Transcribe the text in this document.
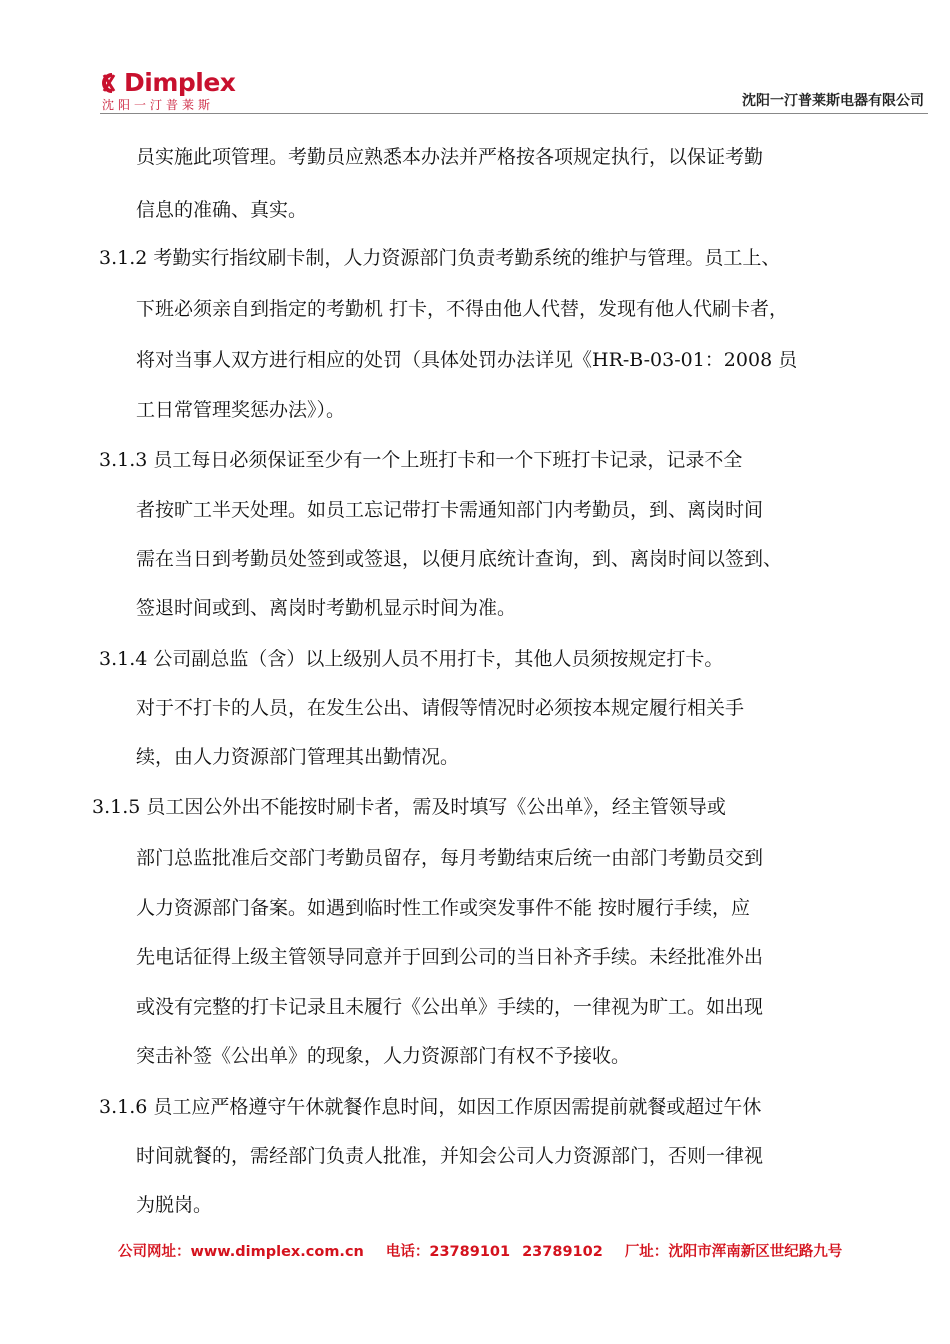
Dimplex
沈阳一汀普莱斯	沈阳一汀普莱斯电器有限公司
员实施此项管理。考勤员应熟悉本办法并严格按各项规定执行，以保证考勤
信息的准确、真实。
3.1.2 考勤实行指纹刷卡制，人力资源部门负责考勤系统的维护与管理。员工上、
下班必须亲自到指定的考勤机 打卡，不得由他人代替，发现有他人代刷卡者，
将对当事人双方进行相应的处罚（具体处罚办法详见《HR-B-03-01：2008 员
工日常管理奖惩办法》）。
3.1.3 员工每日必须保证至少有一个上班打卡和一个下班打卡记录，记录不全
者按旷工半天处理。如员工忘记带打卡需通知部门内考勤员，到、离岗时间
需在当日到考勤员处签到或签退，以便月底统计查询，到、离岗时间以签到、
签退时间或到、离岗时考勤机显示时间为准。
3.1.4 公司副总监（含）以上级别人员不用打卡，其他人员须按规定打卡。
对于不打卡的人员，在发生公出、请假等情况时必须按本规定履行相关手
续，由人力资源部门管理其出勤情况。
3.1.5 员工因公外出不能按时刷卡者，需及时填写《公出单》，经主管领导或
部门总监批准后交部门考勤员留存，每月考勤结束后统一由部门考勤员交到
人力资源部门备案。如遇到临时性工作或突发事件不能 按时履行手续，应
先电话征得上级主管领导同意并于回到公司的当日补齐手续。未经批准外出
或没有完整的打卡记录且未履行《公出单》手续的，一律视为旷工。如出现
突击补签《公出单》的现象，人力资源部门有权不予接收。
3.1.6 员工应严格遵守午休就餐作息时间，如因工作原因需提前就餐或超过午休
时间就餐的，需经部门负责人批准，并知会公司人力资源部门，否则一律视
为脱岗。
公司网址：www.dimplex.com.cn 电话：23789101 23789102 厂址：沈阳市浑南新区世纪路九号
